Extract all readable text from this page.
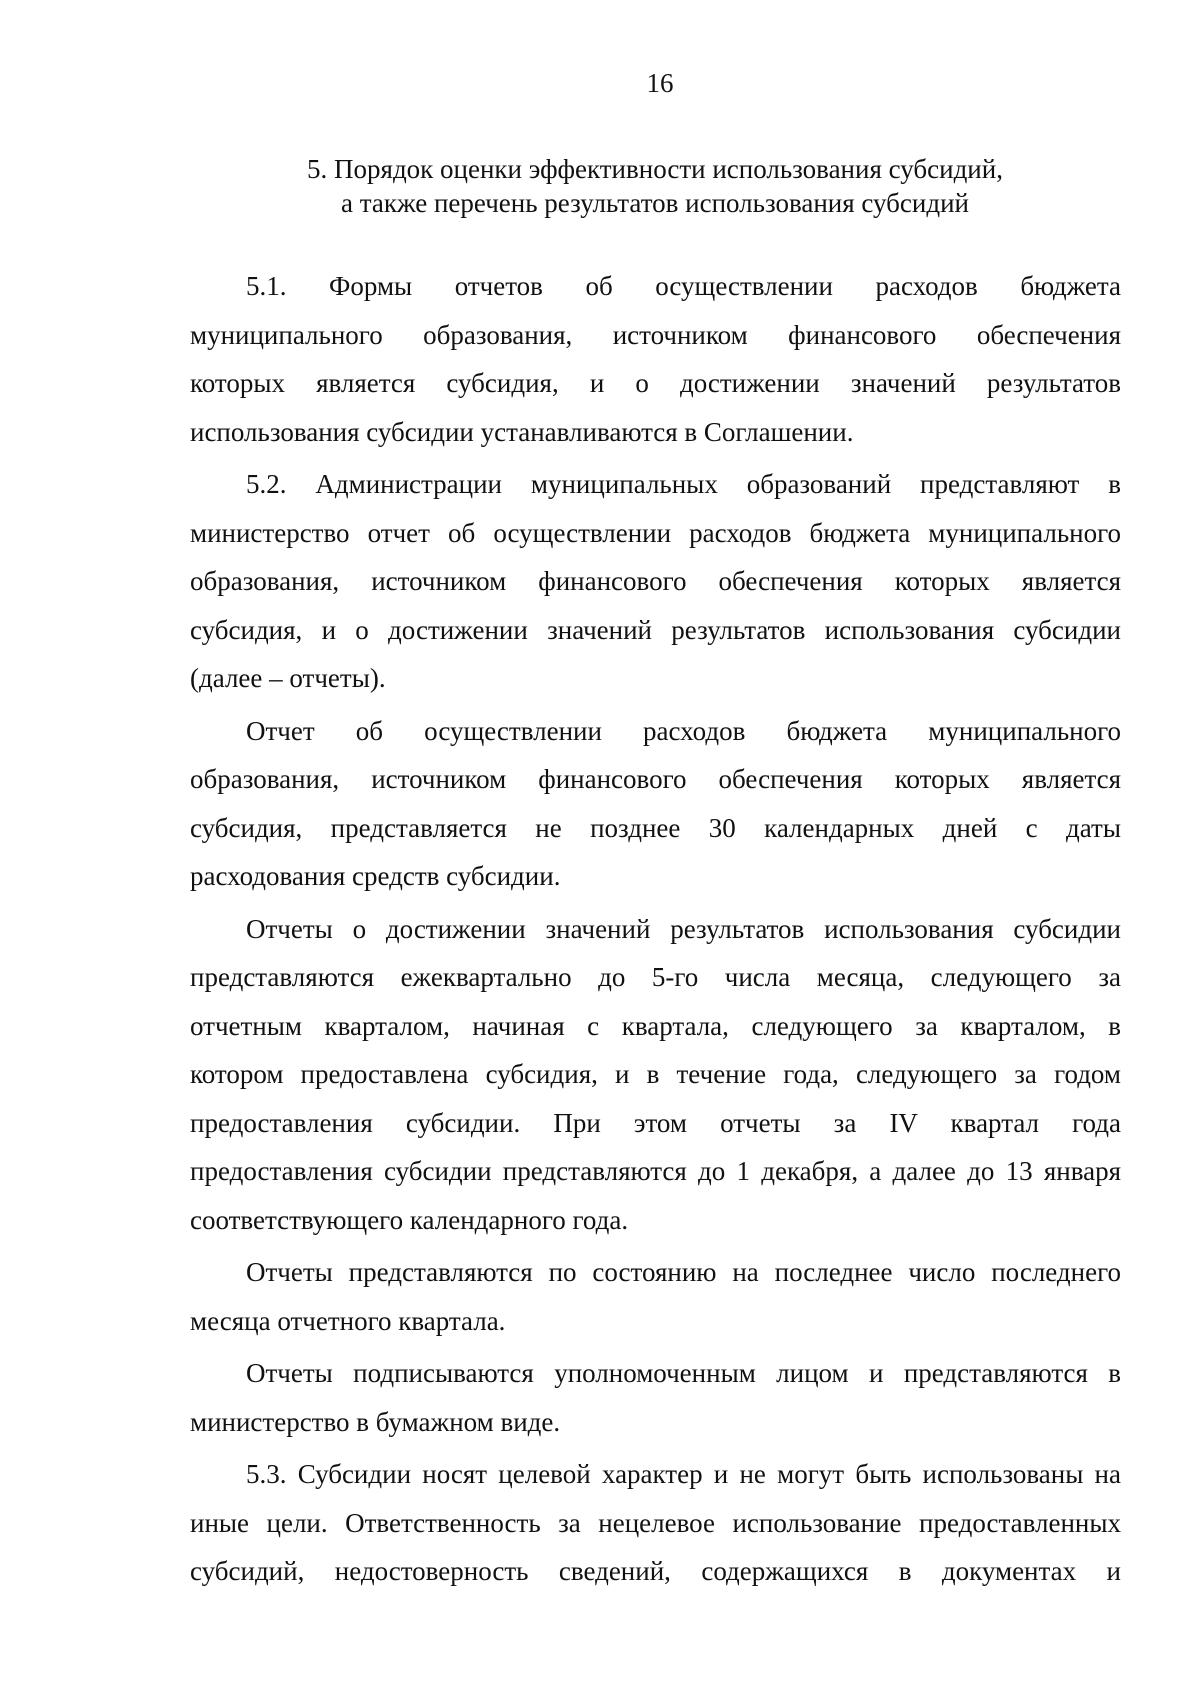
16
5. Порядок оценки эффективности использования субсидий,
а также перечень результатов использования субсидий
5.1. Формы отчетов об осуществлении расходов бюджета
муниципального образования, источником финансового обеспечения
которых является субсидия, и о достижении значений результатов
использования субсидии устанавливаются в Соглашении.
5.2. Администрации муниципальных образований представляют в
министерство отчет об осуществлении расходов бюджета муниципального
образования, источником финансового обеспечения которых является
субсидия, и о достижении значений результатов использования субсидии
(далее – отчеты).
Отчет об осуществлении расходов бюджета муниципального
образования, источником финансового обеспечения которых является
субсидия, представляется не позднее 30 календарных дней с даты
расходования средств субсидии.
Отчеты о достижении значений результатов использования субсидии
представляются ежеквартально до 5-го числа месяца, следующего за
отчетным кварталом, начиная с квартала, следующего за кварталом, в
котором предоставлена субсидия, и в течение года, следующего за годом
предоставления субсидии. При этом отчеты за IV квартал года
предоставления субсидии представляются до 1 декабря, а далее до 13 января
соответствующего календарного года.
Отчеты представляются по состоянию на последнее число последнего
месяца отчетного квартала.
Отчеты подписываются уполномоченным лицом и представляются в
министерство в бумажном виде.
5.3. Субсидии носят целевой характер и не могут быть использованы на
иные цели. Ответственность за нецелевое использование предоставленных
субсидий, недостоверность сведений, содержащихся в документах и
